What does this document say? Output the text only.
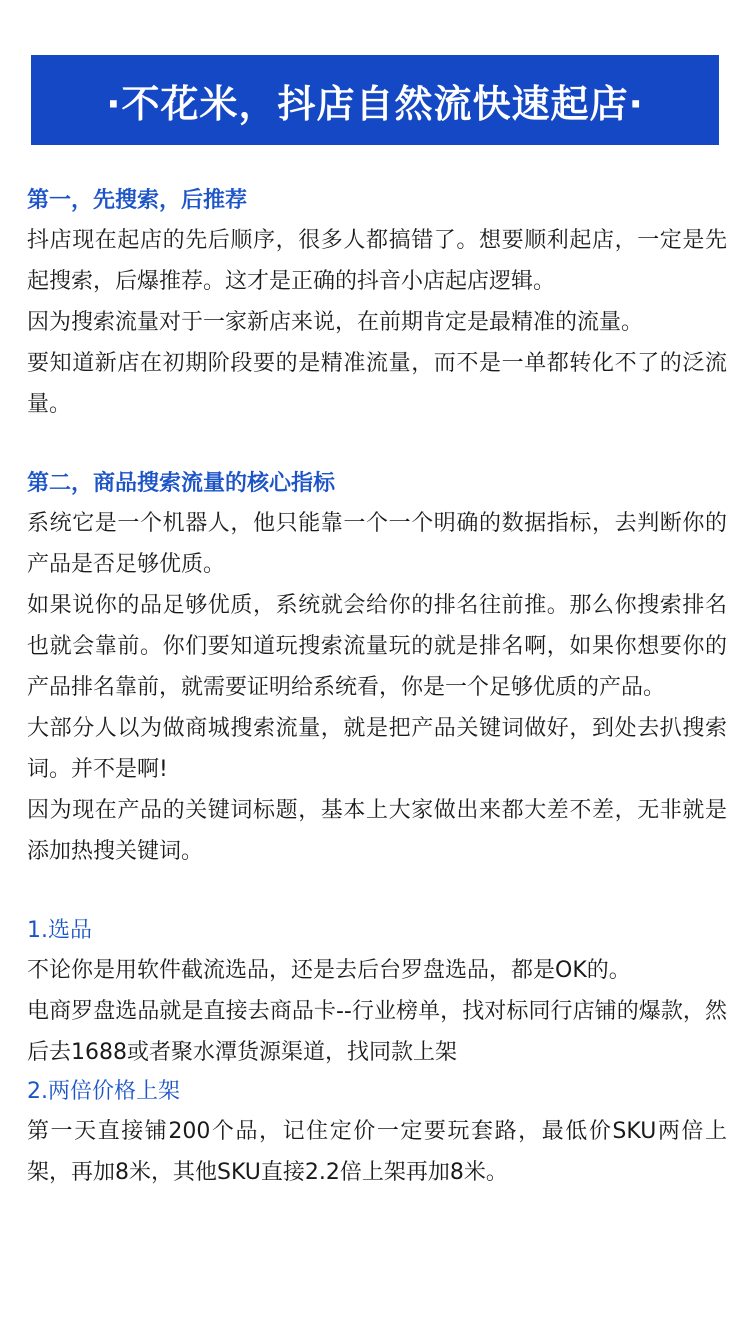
·不花米，抖店自然流快速起店·
第一，先搜索，后推荐

抖店现在起店的先后顺序，很多人都搞错了。想要顺利起店，一定是先起搜索，后爆推荐。这才是正确的抖音小店起店逻辑。

因为搜索流量对于一家新店来说，在前期肯定是最精准的流量。

要知道新店在初期阶段要的是精准流量，而不是一单都转化不了的泛流量。

第二，商品搜索流量的核心指标

系统它是一个机器人，他只能靠一个一个明确的数据指标，去判断你的产品是否足够优质。

如果说你的品足够优质，系统就会给你的排名往前推。那么你搜索排名也就会靠前。你们要知道玩搜索流量玩的就是排名啊，如果你想要你的产品排名靠前，就需要证明给系统看，你是一个足够优质的产品。

大部分人以为做商城搜索流量，就是把产品关键词做好，到处去扒搜索词。并不是啊!

因为现在产品的关键词标题，基本上大家做出来都大差不差，无非就是添加热搜关键词。

1.选品

不论你是用软件截流选品，还是去后台罗盘选品，都是OK的。

电商罗盘选品就是直接去商品卡--行业榜单，找对标同行店铺的爆款，然后去1688或者聚水潭货源渠道，找同款上架

2.两倍价格上架

第一天直接铺200个品，记住定价一定要玩套路，最低价SKU两倍上架，再加8米，其他SKU直接2.2倍上架再加8米。
